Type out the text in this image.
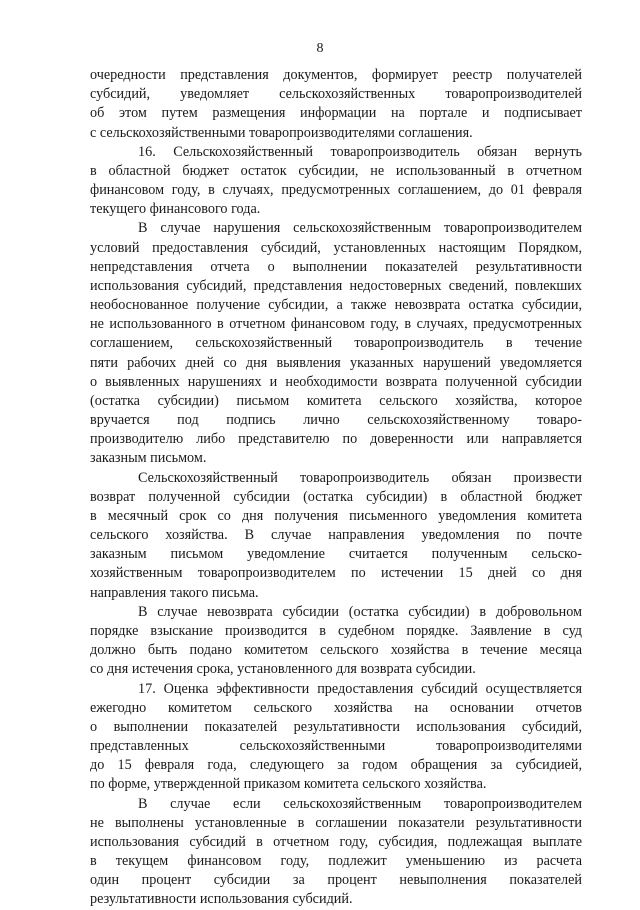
8
очередности представления документов, формирует реестр получателей
субсидий, уведомляет сельскохозяйственных товаропроизводителей
об этом путем размещения информации на портале и подписывает
с сельскохозяйственными товаропроизводителями соглашения.
16. Сельскохозяйственный товаропроизводитель обязан вернуть
в областной бюджет остаток субсидии, не использованный в отчетном
финансовом году, в случаях, предусмотренных соглашением, до 01 февраля
текущего финансового года.
В случае нарушения сельскохозяйственным товаропроизводителем
условий предоставления субсидий, установленных настоящим Порядком,
непредставления отчета о выполнении показателей результативности
использования субсидий, представления недостоверных сведений, повлекших
необоснованное получение субсидии, а также невозврата остатка субсидии,
не использованного в отчетном финансовом году, в случаях, предусмотренных
соглашением, сельскохозяйственный товаропроизводитель в течение
пяти рабочих дней со дня выявления указанных нарушений уведомляется
о выявленных нарушениях и необходимости возврата полученной субсидии
(остатка субсидии) письмом комитета сельского хозяйства, которое
вручается под подпись лично сельскохозяйственному товаро-
производителю либо представителю по доверенности или направляется
заказным письмом.
Сельскохозяйственный товаропроизводитель обязан произвести
возврат полученной субсидии (остатка субсидии) в областной бюджет
в месячный срок со дня получения письменного уведомления комитета
сельского хозяйства. В случае направления уведомления по почте
заказным письмом уведомление считается полученным сельско-
хозяйственным товаропроизводителем по истечении 15 дней со дня
направления такого письма.
В случае невозврата субсидии (остатка субсидии) в добровольном
порядке взыскание производится в судебном порядке. Заявление в суд
должно быть подано комитетом сельского хозяйства в течение месяца
со дня истечения срока, установленного для возврата субсидии.
17. Оценка эффективности предоставления субсидий осуществляется
ежегодно комитетом сельского хозяйства на основании отчетов
о выполнении показателей результативности использования субсидий,
представленных сельскохозяйственными товаропроизводителями
до 15 февраля года, следующего за годом обращения за субсидией,
по форме, утвержденной приказом комитета сельского хозяйства.
В случае если сельскохозяйственным товаропроизводителем
не выполнены установленные в соглашении показатели результативности
использования субсидий в отчетном году, субсидия, подлежащая выплате
в текущем финансовом году, подлежит уменьшению из расчета
один процент субсидии за процент невыполнения показателей
результативности использования субсидий.
